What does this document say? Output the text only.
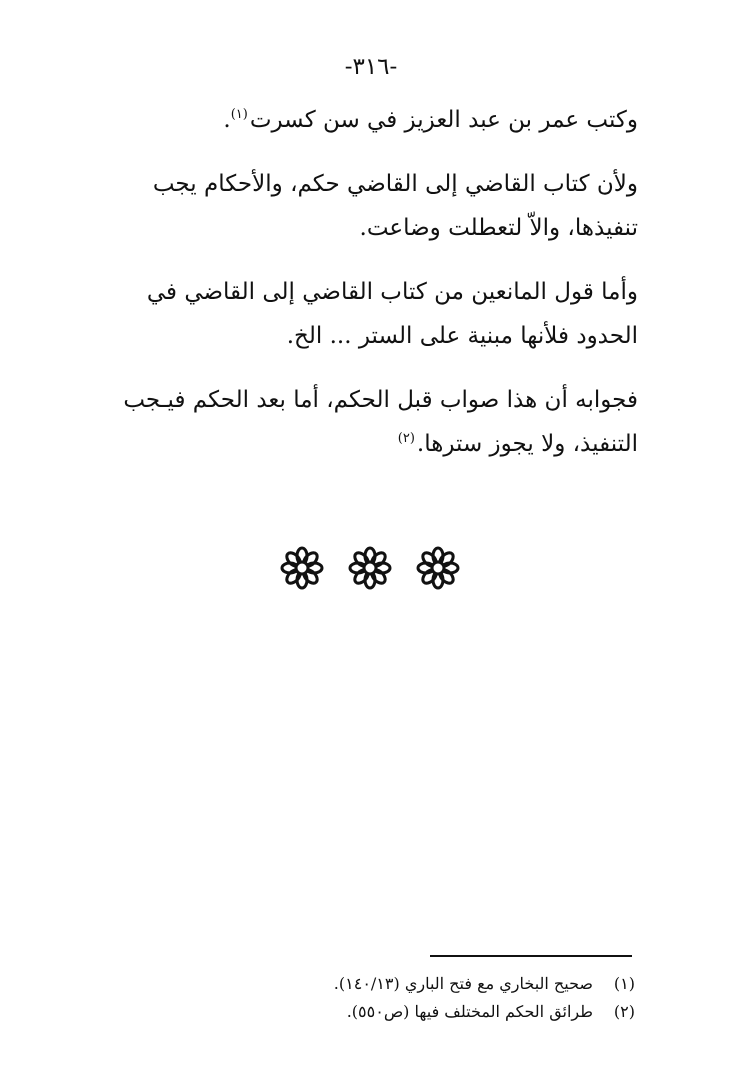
-٣١٦-

وكتب عمر بن عبد العزيز في سن كسرت$^{(١)}$.

ولأن كتاب القاضي إلى القاضي حكم، والأحكام يجب تنفيذها، والاّ لتعطلت وضاعت.

وأما قول المانعين من كتاب القاضي إلى القاضي في الحدود فلأنها مبنية على الستر ... الخ.

فجوابه أن هذا صواب قبل الحكم، أما بعد الحكم فيـجب التنفيذ، ولا يجوز سترها.$^{(٢)}$

(١)
صحيح البخاري مع فتح الباري (١٤٠/١٣).
(٢)
طرائق الحكم المختلف فيها (ص٥٥٠).
